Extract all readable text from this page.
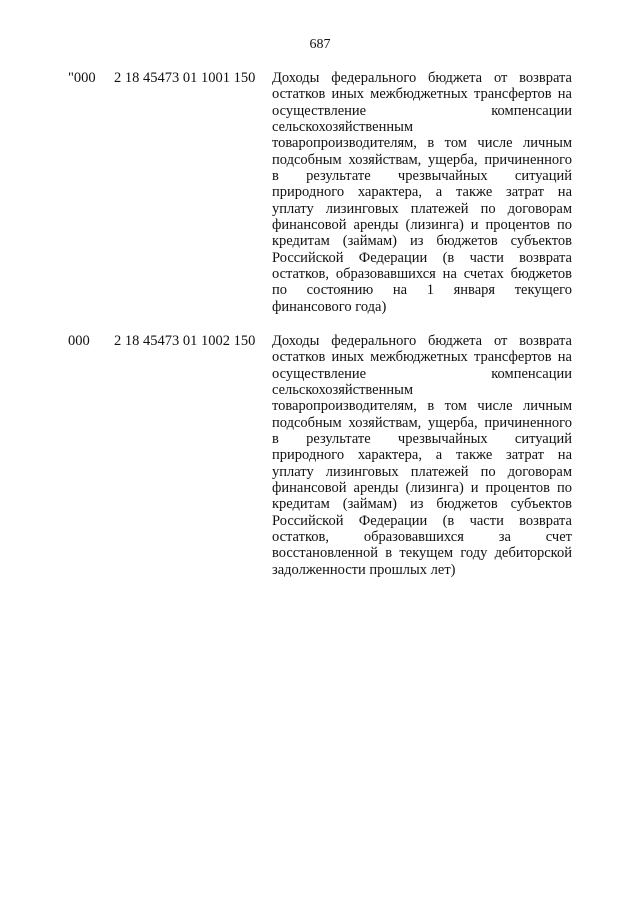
687
"000 2 18 45473 01 1001 150 Доходы федерального бюджета от возврата
остатков иных межбюджетных трансфертов на
осуществление компенсации
сельскохозяйственным
товаропроизводителям, в том числе личным
подсобным хозяйствам, ущерба, причиненного
в результате чрезвычайных ситуаций
природного характера, а также затрат на
уплату лизинговых платежей по договорам
финансовой аренды (лизинга) и процентов по
кредитам (займам) из бюджетов субъектов
Российской Федерации (в части возврата
остатков, образовавшихся на счетах бюджетов
по состоянию на 1 января текущего
финансового года)
000 2 18 45473 01 1002 150 Доходы федерального бюджета от возврата
остатков иных межбюджетных трансфертов на
осуществление компенсации
сельскохозяйственным
товаропроизводителям, в том числе личным
подсобным хозяйствам, ущерба, причиненного
в результате чрезвычайных ситуаций
природного характера, а также затрат на
уплату лизинговых платежей по договорам
финансовой аренды (лизинга) и процентов по
кредитам (займам) из бюджетов субъектов
Российской Федерации (в части возврата
остатков, образовавшихся за счет
восстановленной в текущем году дебиторской
задолженности прошлых лет)
